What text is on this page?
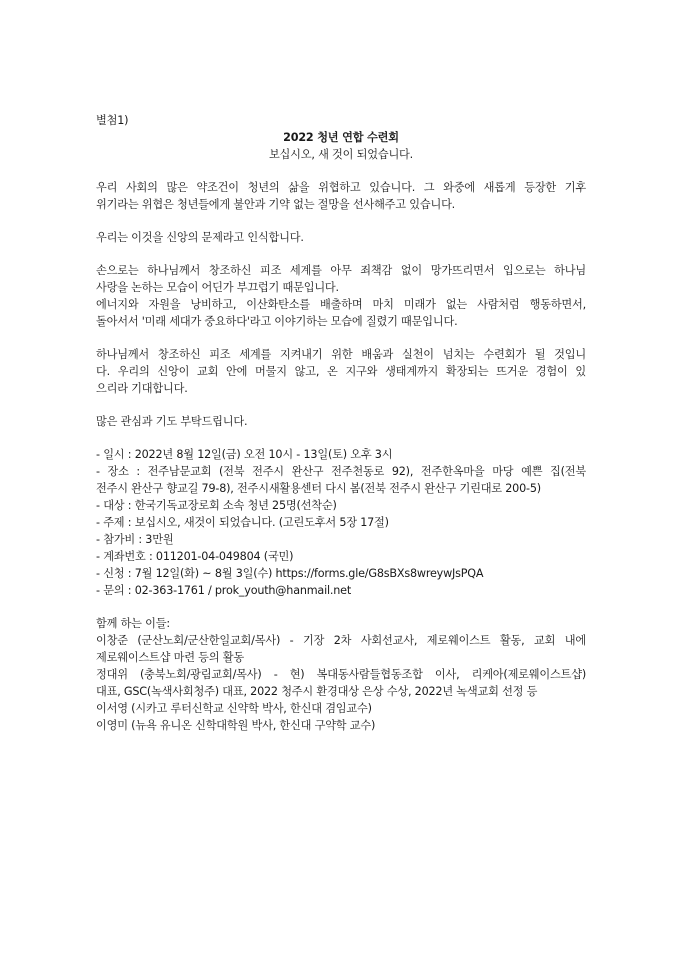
별첨1)
2022 청년 연합 수련회
보십시오, 새 것이 되었습니다.
우리 사회의 많은 약조건이 청년의 삶을 위협하고 있습니다. 그 와중에 새롭게 등장한 기후
위기라는 위협은 청년들에게 불안과 기약 없는 절망을 선사해주고 있습니다.
우리는 이것을 신앙의 문제라고 인식합니다.
손으로는 하나님께서 창조하신 피조 세계를 아무 죄책감 없이 망가뜨리면서 입으로는 하나님
사랑을 논하는 모습이 어딘가 부끄럽기 때문입니다.
에너지와 자원을 낭비하고, 이산화탄소를 배출하며 마치 미래가 없는 사람처럼 행동하면서,
돌아서서 '미래 세대가 중요하다'라고 이야기하는 모습에 질렸기 때문입니다.
하나님께서 창조하신 피조 세계를 지켜내기 위한 배움과 실천이 넘치는 수련회가 될 것입니
다. 우리의 신앙이 교회 안에 머물지 않고, 온 지구와 생태계까지 확장되는 뜨거운 경험이 있
으리라 기대합니다.
많은 관심과 기도 부탁드립니다.
- 일시 : 2022년 8월 12일(금) 오전 10시 - 13일(토) 오후 3시
- 장소 : 전주남문교회 (전북 전주시 완산구 전주천동로 92), 전주한옥마을 마당 예쁜 집(전북
전주시 완산구 향교길 79-8), 전주시새활용센터 다시 봄(전북 전주시 완산구 기린대로 200-5)
- 대상 : 한국기독교장로회 소속 청년 25명(선착순)
- 주제 : 보십시오, 새것이 되었습니다. (고린도후서 5장 17절)
- 참가비 : 3만원
- 계좌번호 : 011201-04-049804 (국민)
- 신청 : 7월 12일(화) ~ 8월 3일(수) https://forms.gle/G8sBXs8wreywJsPQA
- 문의 : 02-363-1761 / prok_youth@hanmail.net
함께 하는 이들:
이창준 (군산노회/군산한일교회/목사) - 기장 2차 사회선교사, 제로웨이스트 활동, 교회 내에
제로웨이스트샵 마련 등의 활동
정대위 (충북노회/광림교회/목사) - 현) 복대동사람들협동조합 이사, 리케아(제로웨이스트샵)
대표, GSC(녹색사회청주) 대표, 2022 청주시 환경대상 은상 수상, 2022년 녹색교회 선정 등
이서영 (시카고 루터신학교 신약학 박사, 한신대 겸임교수)
이영미 (뉴욕 유니온 신학대학원 박사, 한신대 구약학 교수)
